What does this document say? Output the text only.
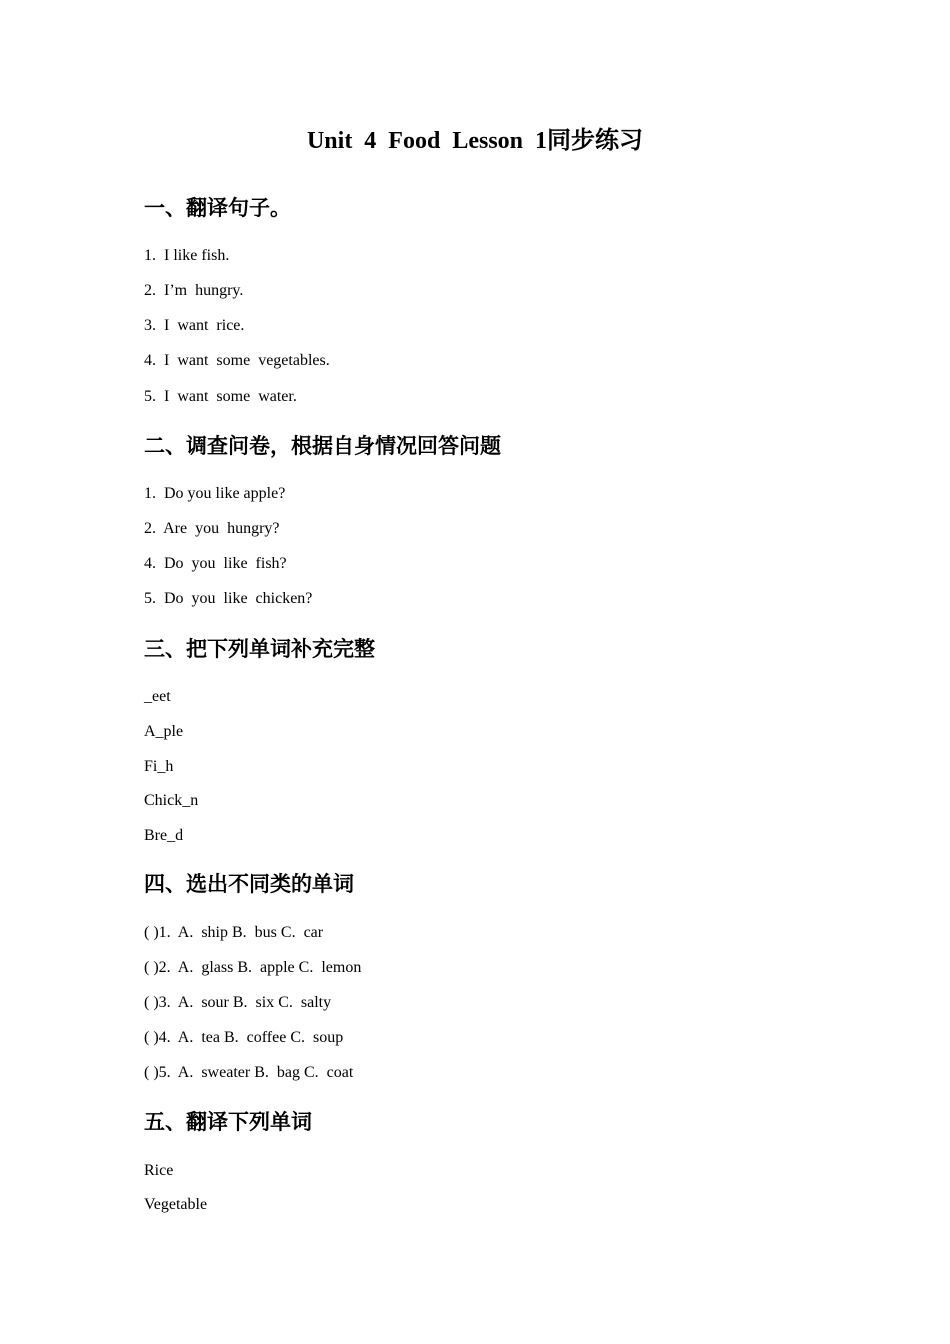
Unit  4  Food  Lesson  1同步练习
一、翻译句子。
1.  I like fish.
2.  I’m  hungry.
3.  I  want  rice.
4.  I  want  some  vegetables.
5.  I  want  some  water.
二、调查问卷，根据自身情况回答问题
1.  Do you like apple?
2.  Are  you  hungry?
4.  Do  you  like  fish?
5.  Do  you  like  chicken?
三、把下列单词补充完整
_eet
A_ple
Fi_h
Chick_n
Bre_d
四、选出不同类的单词
( )1.  A.  ship B.  bus C.  car
( )2.  A.  glass B.  apple C.  lemon
( )3.  A.  sour B.  six C.  salty
( )4.  A.  tea B.  coffee C.  soup
( )5.  A.  sweater B.  bag C.  coat
五、翻译下列单词
Rice
Vegetable
